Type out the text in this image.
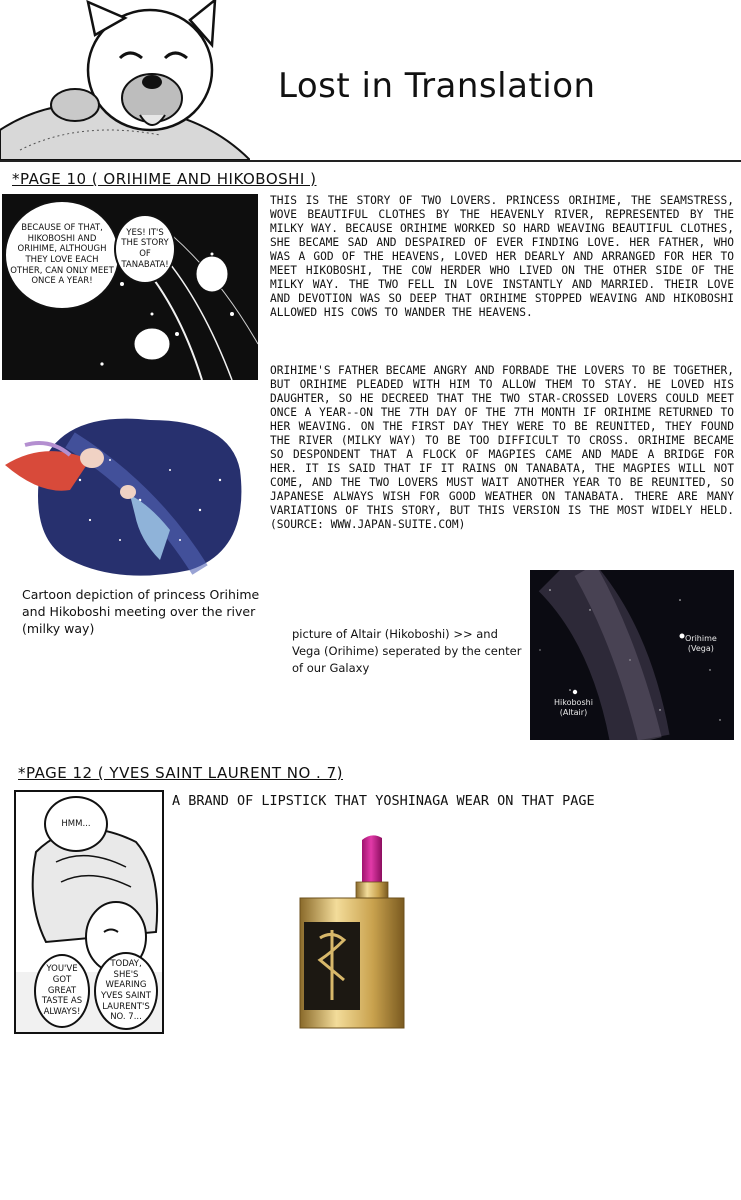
Lost in Translation
*PAGE 10 ( ORIHIME AND HIKOBOSHI )
BECAUSE OF THAT, HIKOBOSHI AND ORIHIME, ALTHOUGH THEY LOVE EACH OTHER, CAN ONLY MEET ONCE A YEAR!
YES! IT'S THE STORY OF TANABATA!
THIS IS THE STORY OF TWO LOVERS. PRINCESS ORIHIME, THE SEAMSTRESS, WOVE BEAUTIFUL CLOTHES BY THE HEAVENLY RIVER, REPRESENTED BY THE MILKY WAY. BECAUSE ORIHIME WORKED SO HARD WEAVING BEAUTIFUL CLOTHES, SHE BECAME SAD AND DESPAIRED OF EVER FINDING LOVE. HER FATHER, WHO WAS A GOD OF THE HEAVENS, LOVED HER DEARLY AND ARRANGED FOR HER TO MEET HIKOBOSHI, THE COW HERDER WHO LIVED ON THE OTHER SIDE OF THE MILKY WAY. THE TWO FELL IN LOVE INSTANTLY AND MARRIED. THEIR LOVE AND DEVOTION WAS SO DEEP THAT ORIHIME STOPPED WEAVING AND HIKOBOSHI ALLOWED HIS COWS TO WANDER THE HEAVENS.
ORIHIME'S FATHER BECAME ANGRY AND FORBADE THE LOVERS TO BE TOGETHER, BUT ORIHIME PLEADED WITH HIM TO ALLOW THEM TO STAY. HE LOVED HIS DAUGHTER, SO HE DECREED THAT THE TWO STAR-CROSSED LOVERS COULD MEET ONCE A YEAR--ON THE 7TH DAY OF THE 7TH MONTH IF ORIHIME RETURNED TO HER WEAVING. ON THE FIRST DAY THEY WERE TO BE REUNITED, THEY FOUND THE RIVER (MILKY WAY) TO BE TOO DIFFICULT TO CROSS. ORIHIME BECAME SO DESPONDENT THAT A FLOCK OF MAGPIES CAME AND MADE A BRIDGE FOR HER. IT IS SAID THAT IF IT RAINS ON TANABATA, THE MAGPIES WILL NOT COME, AND THE TWO LOVERS MUST WAIT ANOTHER YEAR TO BE REUNITED, SO JAPANESE ALWAYS WISH FOR GOOD WEATHER ON TANABATA. THERE ARE MANY VARIATIONS OF THIS STORY, BUT THIS VERSION IS THE MOST WIDELY HELD. (SOURCE: WWW.JAPAN-SUITE.COM)
Cartoon depiction of princess Orihime and Hikoboshi meeting over the river (milky way)	picture of Altair (Hikoboshi) >> and Vega (Orihime) seperated by the center of our Galaxy
Orihime
(Vega)
Hikoboshi
(Altair)
*PAGE 12 ( YVES SAINT LAURENT NO . 7)
HMM...
YOU'VE GOT GREAT TASTE AS ALWAYS!
TODAY, SHE'S WEARING YVES SAINT LAURENT'S NO. 7...
A BRAND OF LIPSTICK THAT YOSHINAGA WEAR ON THAT PAGE
